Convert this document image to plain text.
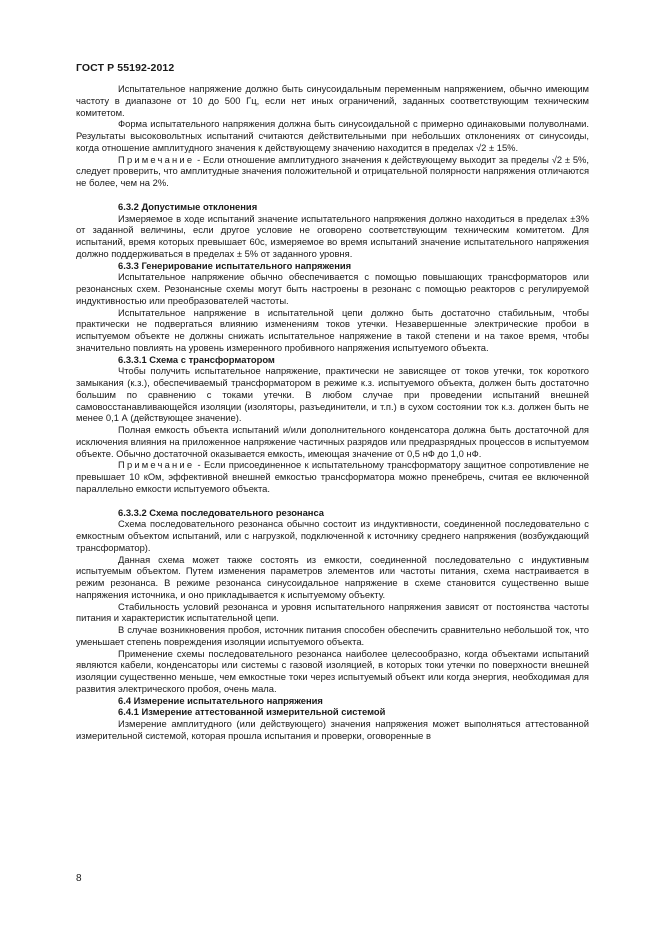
ГОСТ Р 55192-2012

Испытательное напряжение должно быть синусоидальным переменным напряжением, обычно имеющим частоту в диапазоне от 10 до 500 Гц, если нет иных ограничений, заданных соответствующим техническим комитетом.

Форма испытательного напряжения должна быть синусоидальной с примерно одинаковыми полуволнами. Результаты высоковольтных испытаний считаются действительными при небольших отклонениях от синусоиды, когда отношение амплитудного значения к действующему значению находится в пределах √2 ± 15%.

Примечание - Если отношение амплитудного значения к действующему выходит за пределы √2 ± 5%, следует проверить, что амплитудные значения положительной и отрицательной полярности напряжения отличаются не более, чем на 2%.

6.3.2 Допустимые отклонения

Измеряемое в ходе испытаний значение испытательного напряжения должно находиться в пределах ±3% от заданной величины, если другое условие не оговорено соответствующим техническим комитетом. Для испытаний, время которых превышает 60с, измеряемое во время испытаний значение испытательного напряжения должно поддерживаться в пределах ± 5% от заданного уровня.

6.3.3 Генерирование испытательного напряжения

Испытательное напряжение обычно обеспечивается с помощью повышающих трансформаторов или резонансных схем. Резонансные схемы могут быть настроены в резонанс с помощью реакторов с регулируемой индуктивностью или преобразователей частоты.

Испытательное напряжение в испытательной цепи должно быть достаточно стабильным, чтобы практически не подвергаться влиянию изменениям токов утечки. Незавершенные электрические пробои в испытуемом объекте не должны снижать испытательное напряжение в такой степени и на такое время, чтобы значительно повлиять на уровень измеренного пробивного напряжения испытуемого объекта.

6.3.3.1 Схема с трансформатором

Чтобы получить испытательное напряжение, практически не зависящее от токов утечки, ток короткого замыкания (к.з.), обеспечиваемый трансформатором в режиме к.з. испытуемого объекта, должен быть достаточно большим по сравнению с токами утечки. В любом случае при проведении испытаний внешней самовосстанавливающейся изоляции (изоляторы, разъединители, и т.п.) в сухом состоянии ток к.з. должен быть не менее 0,1 А (действующее значение).

Полная емкость объекта испытаний и/или дополнительного конденсатора должна быть достаточной для исключения влияния на приложенное напряжение частичных разрядов или предразрядных процессов в испытуемом объекте. Обычно достаточной оказывается емкость, имеющая значение от 0,5 нФ до 1,0 нФ.

Примечание - Если присоединенное к испытательному трансформатору защитное сопротивление не превышает 10 кОм, эффективной внешней емкостью трансформатора можно пренебречь, считая ее включенной параллельно емкости испытуемого объекта.

6.3.3.2 Схема последовательного резонанса

Схема последовательного резонанса обычно состоит из индуктивности, соединенной последовательно с емкостным объектом испытаний, или с нагрузкой, подключенной к источнику среднего напряжения (возбуждающий трансформатор).

Данная схема может также состоять из емкости, соединенной последовательно с индуктивным испытуемым объектом. Путем изменения параметров элементов или частоты питания, схема настраивается в режим резонанса. В режиме резонанса синусоидальное напряжение в схеме становится существенно выше напряжения источника, и оно прикладывается к испытуемому объекту.

Стабильность условий резонанса и уровня испытательного напряжения зависят от постоянства частоты питания и характеристик испытательной цепи.

В случае возникновения пробоя, источник питания способен обеспечить сравнительно небольшой ток, что уменьшает степень повреждения изоляции испытуемого объекта.

Применение схемы последовательного резонанса наиболее целесообразно, когда объектами испытаний являются кабели, конденсаторы или системы с газовой изоляцией, в которых токи утечки по поверхности внешней изоляции существенно меньше, чем емкостные токи через испытуемый объект или когда энергия, необходимая для развития электрического пробоя, очень мала.

6.4 Измерение испытательного напряжения

6.4.1 Измерение аттестованной измерительной системой

Измерение амплитудного (или действующего) значения напряжения может выполняться аттестованной измерительной системой, которая прошла испытания и проверки, оговоренные в

8
